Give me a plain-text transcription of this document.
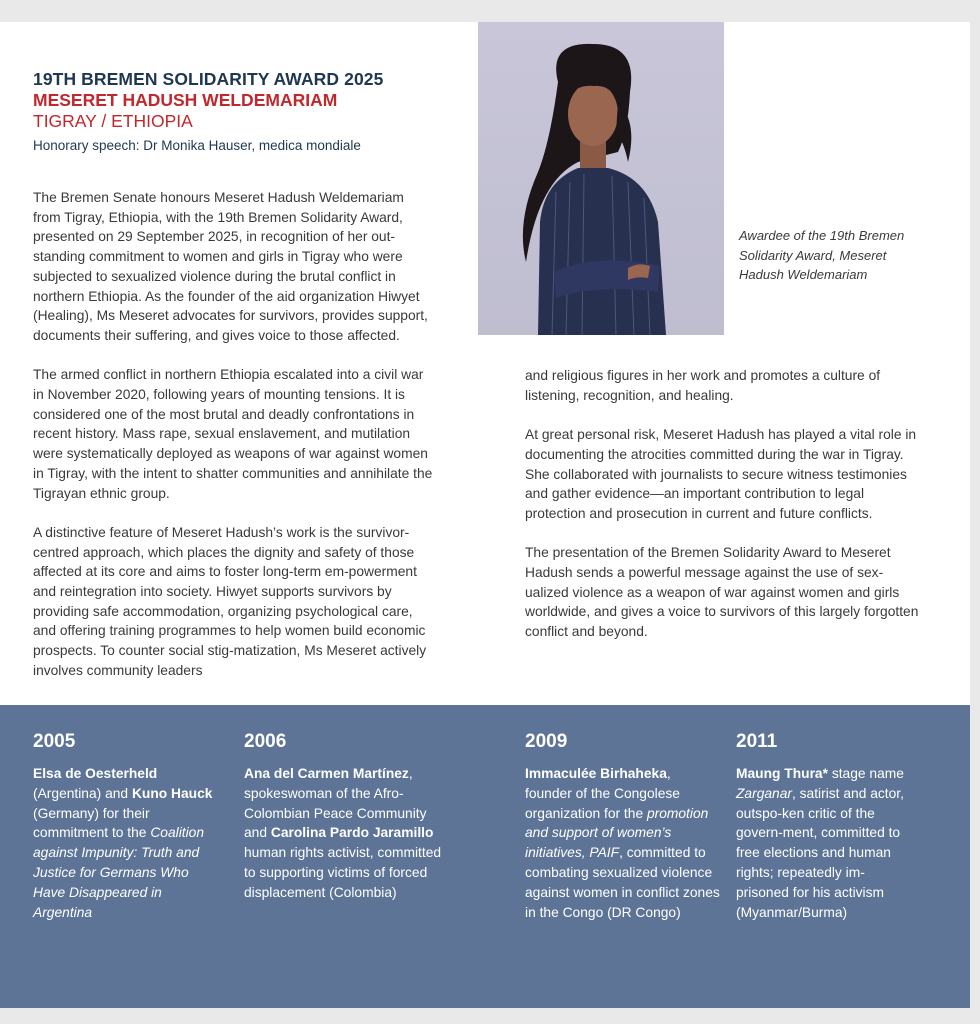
19TH BREMEN SOLIDARITY AWARD 2025
MESERET HADUSH WELDEMARIAM
TIGRAY / ETHIOPIA
Honorary speech: Dr Monika Hauser, medica mondiale
Awardee of the 19th Bremen Solidarity Award, Meseret Hadush Weldemariam

The Bremen Senate honours Meseret Hadush Weldemariam from Tigray, Ethiopia, with the 19th Bremen Solidarity Award, presented on 29 September 2025, in recognition of her out-standing commitment to women and girls in Tigray who were subjected to sexualized violence during the brutal conflict in northern Ethiopia. As the founder of the aid organization Hiwyet (Healing), Ms Meseret advocates for survivors, provides support, documents their suffering, and gives voice to those affected.

The armed conflict in northern Ethiopia escalated into a civil war in November 2020, following years of mounting tensions. It is considered one of the most brutal and deadly confrontations in recent history. Mass rape, sexual enslavement, and mutilation were systematically deployed as weapons of war against women in Tigray, with the intent to shatter communities and annihilate the Tigrayan ethnic group.

A distinctive feature of Meseret Hadush’s work is the survivor-centred approach, which places the dignity and safety of those affected at its core and aims to foster long-term em-powerment and reintegration into society. Hiwyet supports survivors by providing safe accommodation, organizing psychological care, and offering training programmes to help women build economic prospects. To counter social stig-matization, Ms Meseret actively involves community leaders

and religious figures in her work and promotes a culture of listening, recognition, and healing.

At great personal risk, Meseret Hadush has played a vital role in documenting the atrocities committed during the war in Tigray. She collaborated with journalists to secure witness testimonies and gather evidence—an important contribution to legal protection and prosecution in current and future conflicts.

The presentation of the Bremen Solidarity Award to Meseret Hadush sends a powerful message against the use of sex-ualized violence as a weapon of war against women and girls worldwide, and gives a voice to survivors of this largely forgotten conflict and beyond.

2005
Elsa de Oesterheld (Argentina) and Kuno Hauck (Germany) for their commitment to the Coalition against Impunity: Truth and Justice for Germans Who Have Disappeared in Argentina
2006
Ana del Carmen Martínez, spokeswoman of the Afro-Colombian Peace Community and Carolina Pardo Jaramillo human rights activist, committed to supporting victims of forced displacement (Colombia)
2009
Immaculée Birhaheka, founder of the Congolese organization for the promotion and support of women’s initiatives, PAIF, committed to combating sexualized violence against women in conflict zones in the Congo (DR Congo)
2011
Maung Thura* stage name Zarganar, satirist and actor, outspo-ken critic of the govern-ment, committed to free elections and human rights; repeatedly im-prisoned for his activism (Myanmar/Burma)
